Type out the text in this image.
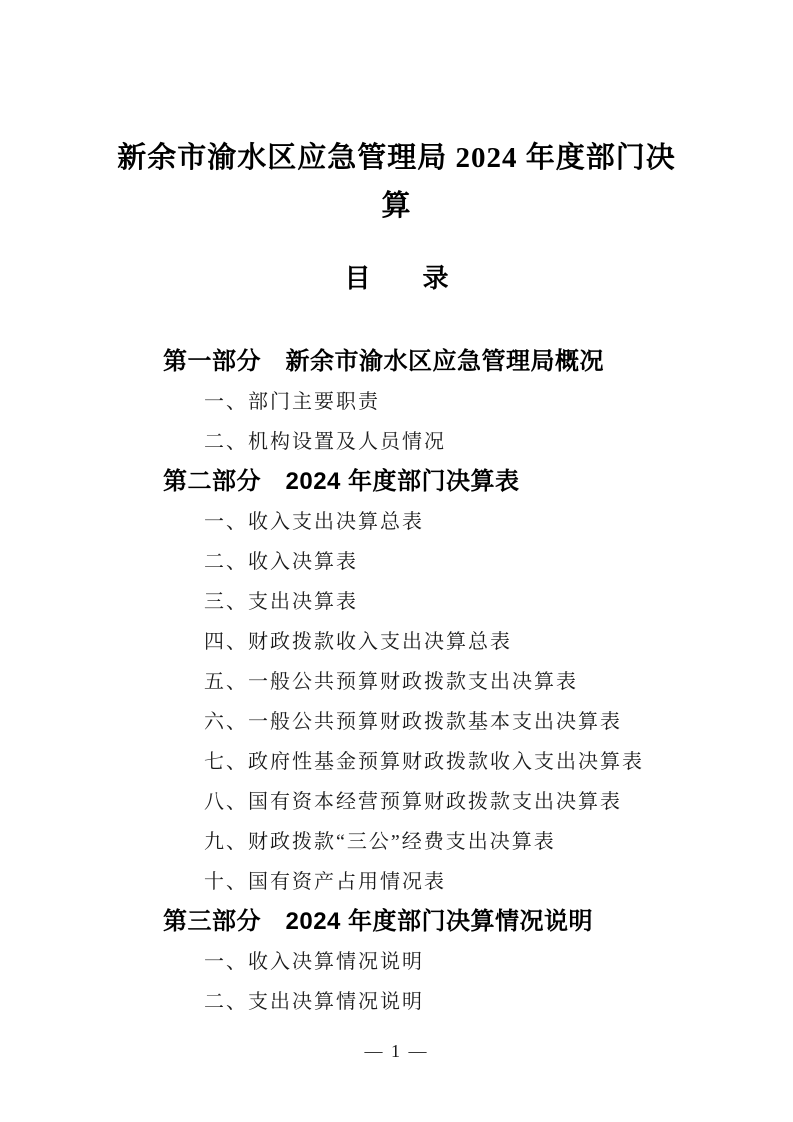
新余市渝水区应急管理局 2024 年度部门决
算
目　　录
第一部分　新余市渝水区应急管理局概况
一、部门主要职责
二、机构设置及人员情况
第二部分　2024 年度部门决算表
一、收入支出决算总表
二、收入决算表
三、支出决算表
四、财政拨款收入支出决算总表
五、一般公共预算财政拨款支出决算表
六、一般公共预算财政拨款基本支出决算表
七、政府性基金预算财政拨款收入支出决算表
八、国有资本经营预算财政拨款支出决算表
九、财政拨款“三公”经费支出决算表
十、国有资产占用情况表
第三部分　2024 年度部门决算情况说明
一、收入决算情况说明
二、支出决算情况说明
— 1 —
